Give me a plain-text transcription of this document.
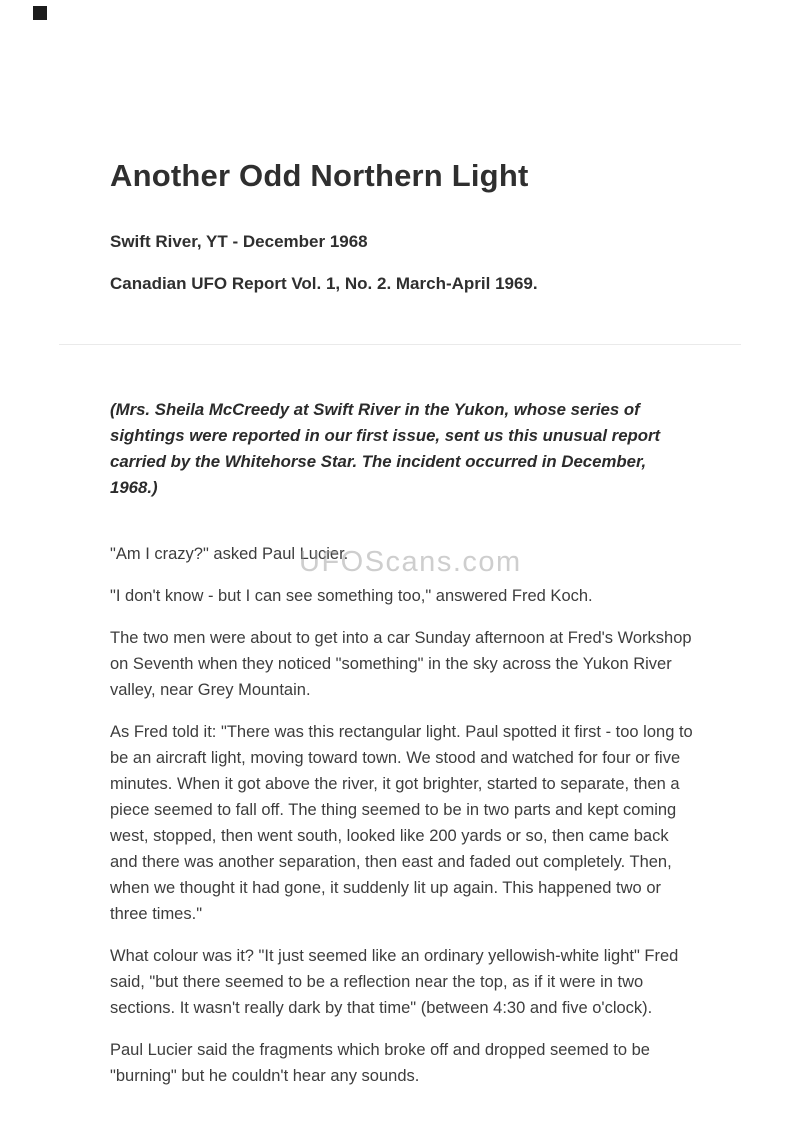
Another Odd Northern Light

Swift River, YT - December 1968

Canadian UFO Report Vol. 1, No. 2. March-April 1969.

(Mrs. Sheila McCreedy at Swift River in the Yukon, whose series of sightings were reported in our first issue, sent us this unusual report carried by the Whitehorse Star. The incident occurred in December, 1968.)

"Am I crazy?" asked Paul Lucier.

"I don't know - but I can see something too," answered Fred Koch.

The two men were about to get into a car Sunday afternoon at Fred's Workshop on Seventh when they noticed "something" in the sky across the Yukon River valley, near Grey Mountain.

As Fred told it: "There was this rectangular light. Paul spotted it first - too long to be an aircraft light, moving toward town. We stood and watched for four or five minutes. When it got above the river, it got brighter, started to separate, then a piece seemed to fall off. The thing seemed to be in two parts and kept coming west, stopped, then went south, looked like 200 yards or so, then came back and there was another separation, then east and faded out completely. Then, when we thought it had gone, it suddenly lit up again. This happened two or three times."

What colour was it? "It just seemed like an ordinary yellowish-white light" Fred said, "but there seemed to be a reflection near the top, as if it were in two sections. It wasn't really dark by that time" (between 4:30 and five o'clock).

Paul Lucier said the fragments which broke off and dropped seemed to be "burning" but he couldn't hear any sounds.

UFOScans.com
